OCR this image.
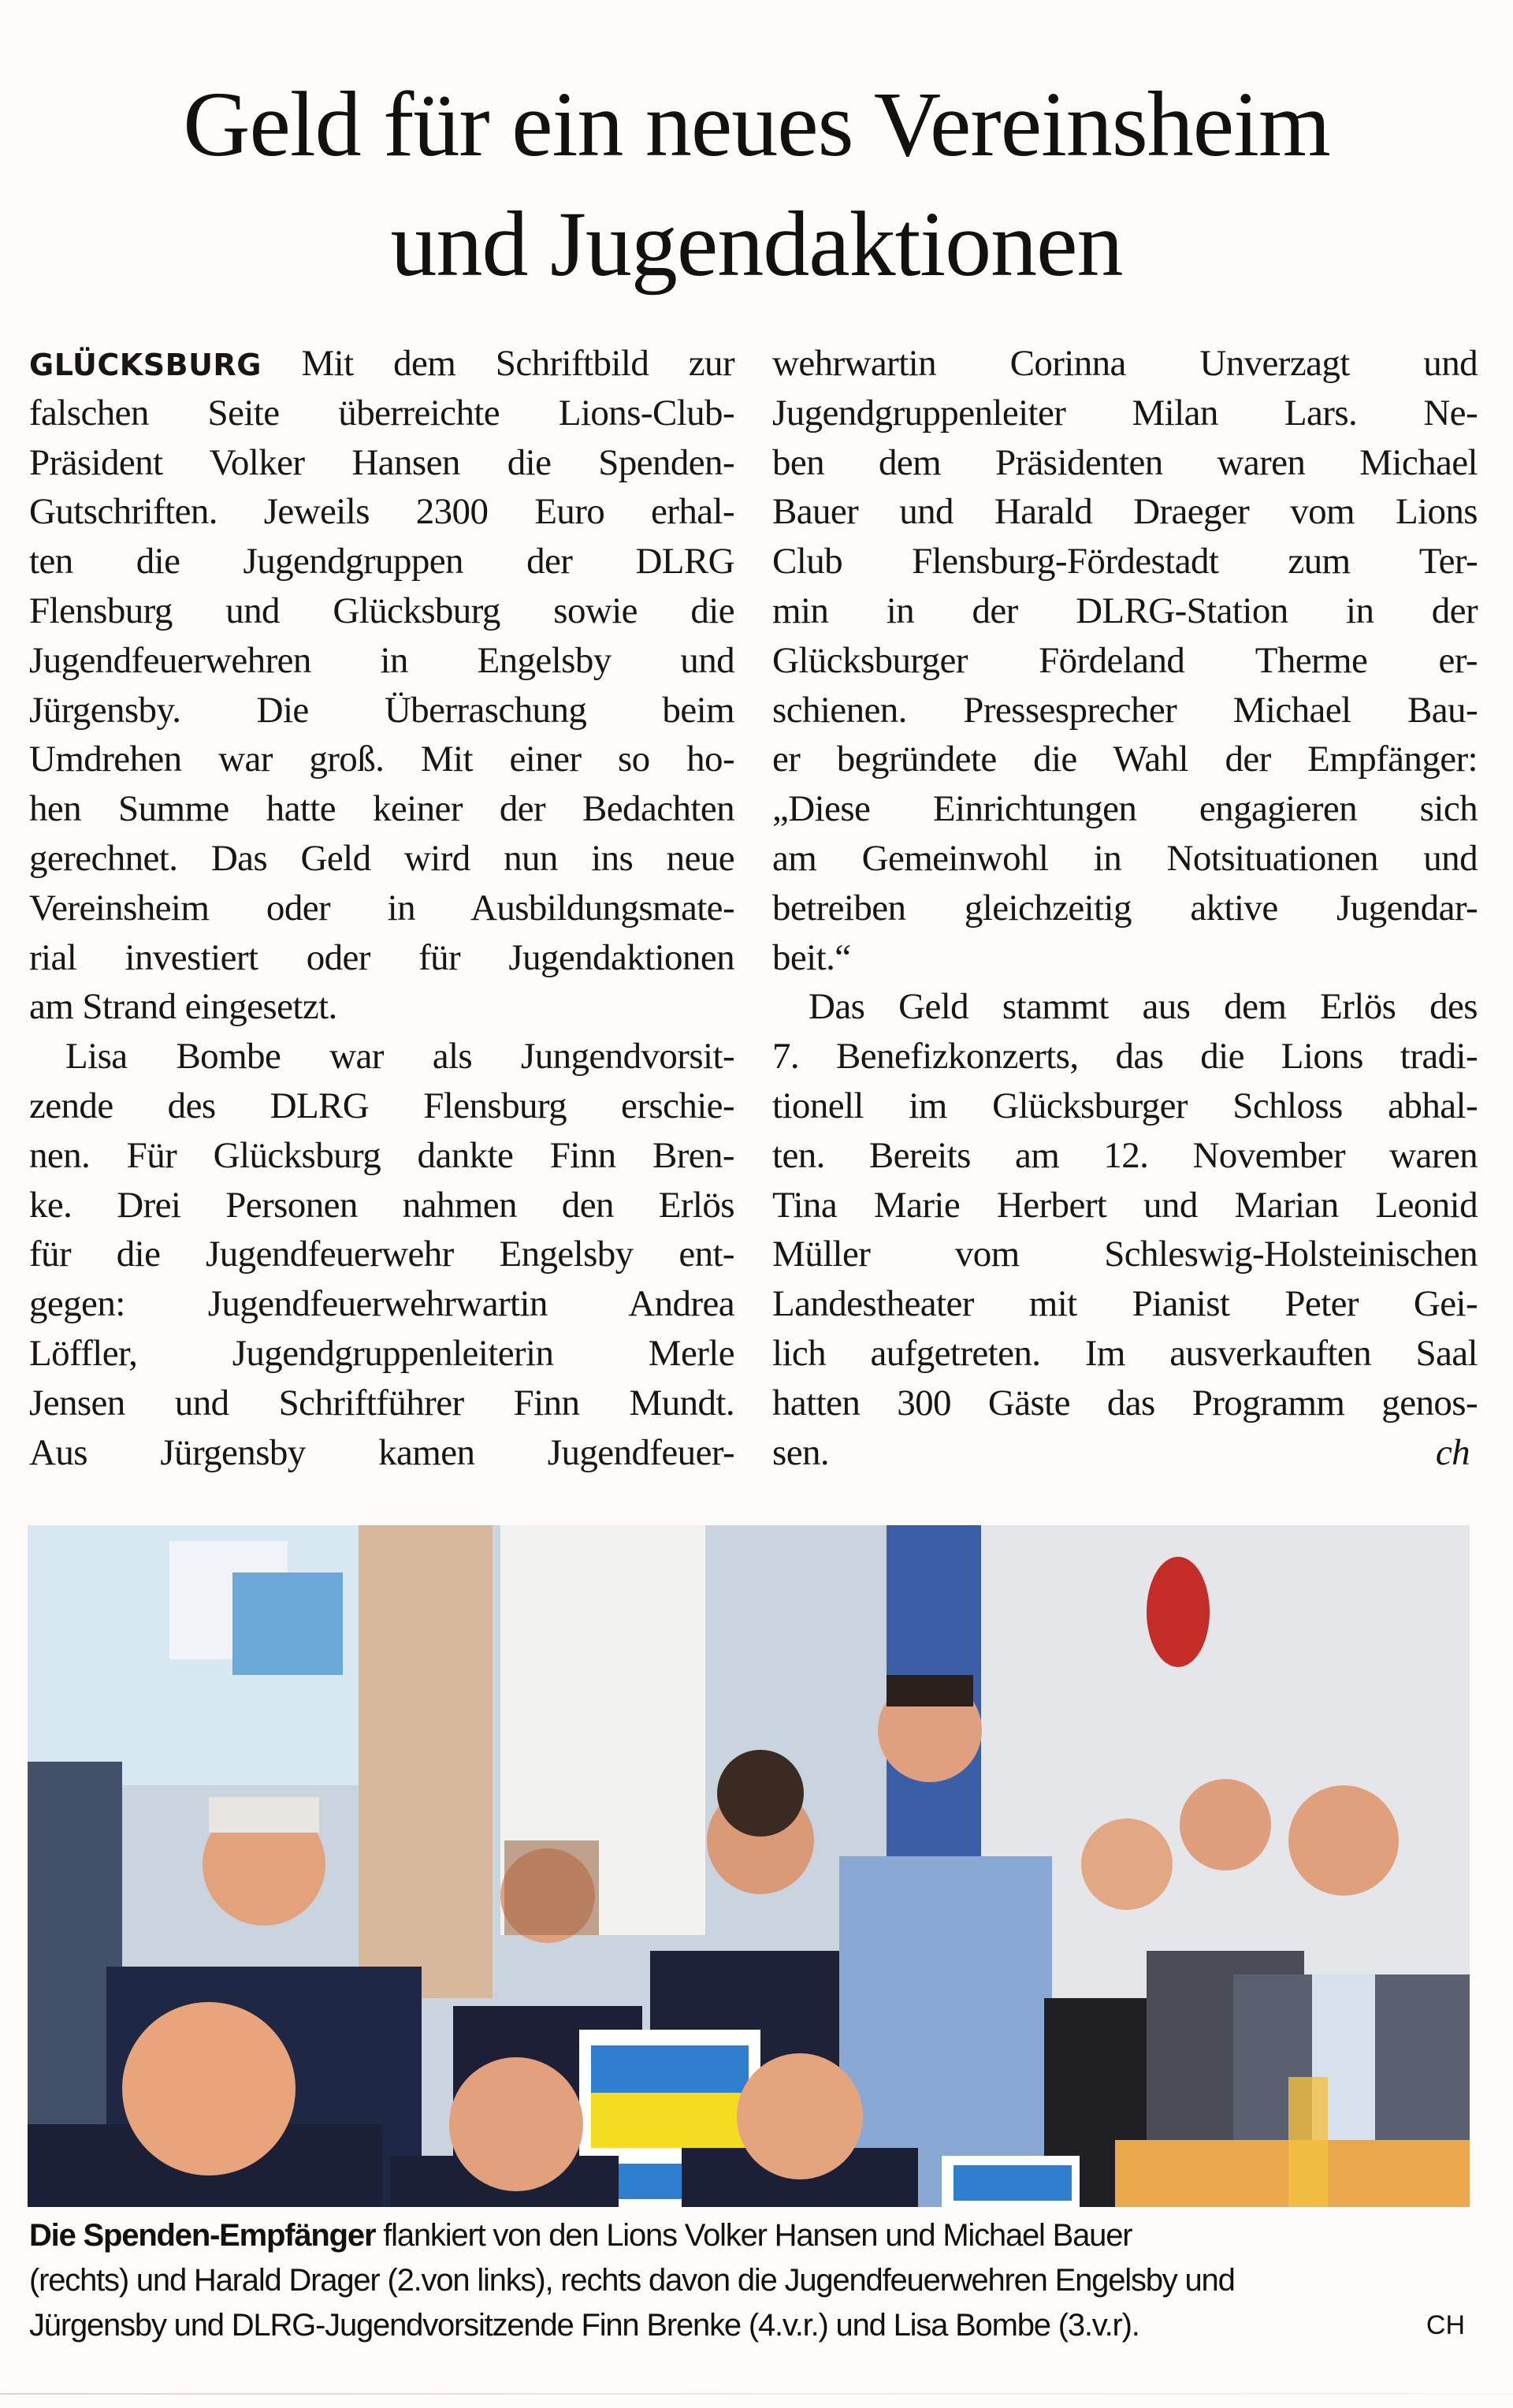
Geld für ein neues Vereinsheim
und Jugendaktionen
GLÜCKSBURG Mit dem Schriftbild zur
falschen Seite überreichte Lions-Club-
Präsident Volker Hansen die Spenden-
Gutschriften. Jeweils 2300 Euro erhal-
ten die Jugendgruppen der DLRG
Flensburg und Glücksburg sowie die
Jugendfeuerwehren in Engelsby und
Jürgensby. Die Überraschung beim
Umdrehen war groß. Mit einer so ho-
hen Summe hatte keiner der Bedachten
gerechnet. Das Geld wird nun ins neue
Vereinsheim oder in Ausbildungsmate-
rial investiert oder für Jugendaktionen
am Strand eingesetzt.
Lisa Bombe war als Jungendvorsit-
zende des DLRG Flensburg erschie-
nen. Für Glücksburg dankte Finn Bren-
ke. Drei Personen nahmen den Erlös
für die Jugendfeuerwehr Engelsby ent-
gegen: Jugendfeuerwehrwartin Andrea
Löffler, Jugendgruppenleiterin Merle
Jensen und Schriftführer Finn Mundt.
Aus Jürgensby kamen Jugendfeuer-
wehrwartin Corinna Unverzagt und
Jugendgruppenleiter Milan Lars. Ne-
ben dem Präsidenten waren Michael
Bauer und Harald Draeger vom Lions
Club Flensburg-Fördestadt zum Ter-
min in der DLRG-Station in der
Glücksburger Fördeland Therme er-
schienen. Pressesprecher Michael Bau-
er begründete die Wahl der Empfänger:
„Diese Einrichtungen engagieren sich
am Gemeinwohl in Notsituationen und
betreiben gleichzeitig aktive Jugendar-
beit.“
Das Geld stammt aus dem Erlös des
7. Benefizkonzerts, das die Lions tradi-
tionell im Glücksburger Schloss abhal-
ten. Bereits am 12. November waren
Tina Marie Herbert und Marian Leonid
Müller vom Schleswig-Holsteinischen
Landestheater mit Pianist Peter Gei-
lich aufgetreten. Im ausverkauften Saal
hatten 300 Gäste das Programm genos-
sen.	ch
Die Spenden-Empfänger flankiert von den Lions Volker Hansen und Michael Bauer
(rechts) und Harald Drager (2.von links), rechts davon die Jugendfeuerwehren Engelsby und
Jürgensby und DLRG-Jugendvorsitzende Finn Brenke (4.v.r.) und Lisa Bombe (3.v.r).	CH
